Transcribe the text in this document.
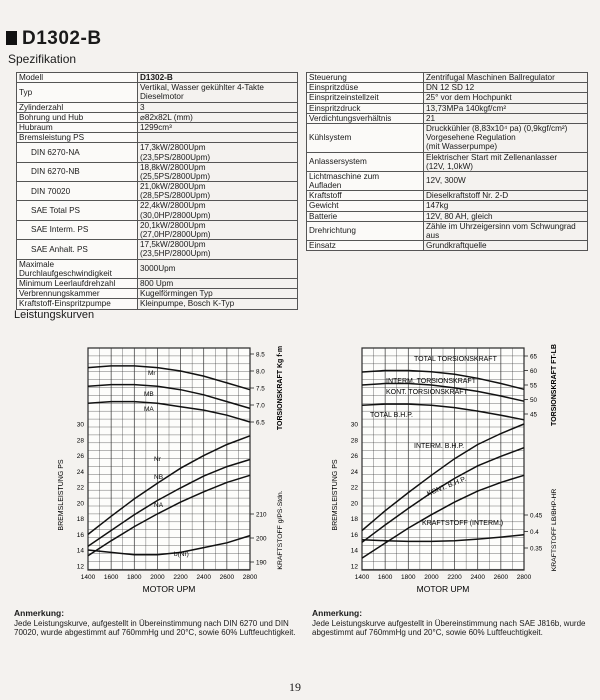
D1302-B
Spezifikation
Modell	D1302-B
Typ	Vertikal, Wasser gekühlter 4-Takte
Dieselmotor
Zylinderzahl	3
Bohrung und Hub	⌀82x82L (mm)
Hubraum	1299cm³
Bremsleistung PS	
DIN 6270-NA	17,3kW/2800Upm(23,5PS/2800Upm)
DIN 6270-NB	18,8kW/2800Upm(25,5PS/2800Upm)
DIN 70020	21,0kW/2800Upm(28,5PS/2800Upm)
SAE Total PS	22,4kW/2800Upm(30,0HP/2800Upm)
SAE Interm. PS	20,1kW/2800Upm(27,0HP/2800Upm)
SAE Anhalt. PS	17,5kW/2800Upm(23,5HP/2800Upm)
Maximale
Durchlaufgeschwindigkeit	3000Upm
Minimum Leerlaufdrehzahl	800 Upm
Verbrennungskammer	Kugelförmingen Typ
Kraftstoff-Einspritzpumpe	Kleinpumpe, Bosch K-Typ
Steuerung	Zentrifugal Maschinen Ballregulator
Einspritzdüse	DN 12 SD 12
Einspritzeinstellzeit	25° vor dem Hochpunkt
Einspritzdruck	13,73MPa 140kgf/cm²
Verdichtungsverhältnis	21
Kühlsystem	Druckkühler (8,83x10⁴ pa) (0,9kgf/cm²)
Vorgesehene Regulation
(mit Wasserpumpe)
Anlassersystem	Elektrischer Start mit Zellenanlasser
(12V, 1,0kW)
Lichtmaschine zum
Aufladen	12V, 300W
Kraftstoff	Dieselkraftstoff Nr. 2-D
Gewicht	147kg
Batterie	12V, 80 AH, gleich
Drehrichtung	Zähle im Uhrzeigersinn vom Schwungrad
aus
Einsatz	Grundkraftquelle
Leistungskurven
1400 1600 1800 2000 2200 2400 2600 2800
MOTOR UPM
12
14
16
18
20
22
24
26
28
30
BREMSLEISTUNG PS
8.5
8.0
7.5
7.0
6.5 TORSIONSKRAFT Kg f·m
210
200
190 KRAFTSTOFF g/PS·Stdn.
Mr
MB
MA
Nr
NB
NA
b(Nr)
1400 1600 1800 2000 2200 2400 2600 2800
MOTOR UPM
12
14
16
18
20
22
24
26
28
30
BREMSLEISTUNG PS
65
60
55
50
45 TORSIONSKRAFT FT-LB
0.45
0.4
0.35 KRAFTSTOFF LB/BHP-HR
TOTAL TORSIONSKRAFT
INTERM. TORSIONSKRAFT
KONT. TORSIONSKRAFT
TOTAL B.H.P.
INTERM. B.H.P.
KONT. B.H.P.
KRAFTSTOFF (INTERM.)
Anmerkung:
Jede Leistungskurve, aufgestellt in Übereinstimmung nach DIN 6270 und DIN 70020, wurde abgestimmt auf 760mmHg und 20°C, sowie 60% Luftfeuchtigkeit.
Anmerkung:
Jede Leistungskurve aufgestellt in Übereinstimmung nach SAE J816b, wurde abgestimmt auf 760mmHg und 20°C, sowie 60% Luftfeuchtigkeit.
19
